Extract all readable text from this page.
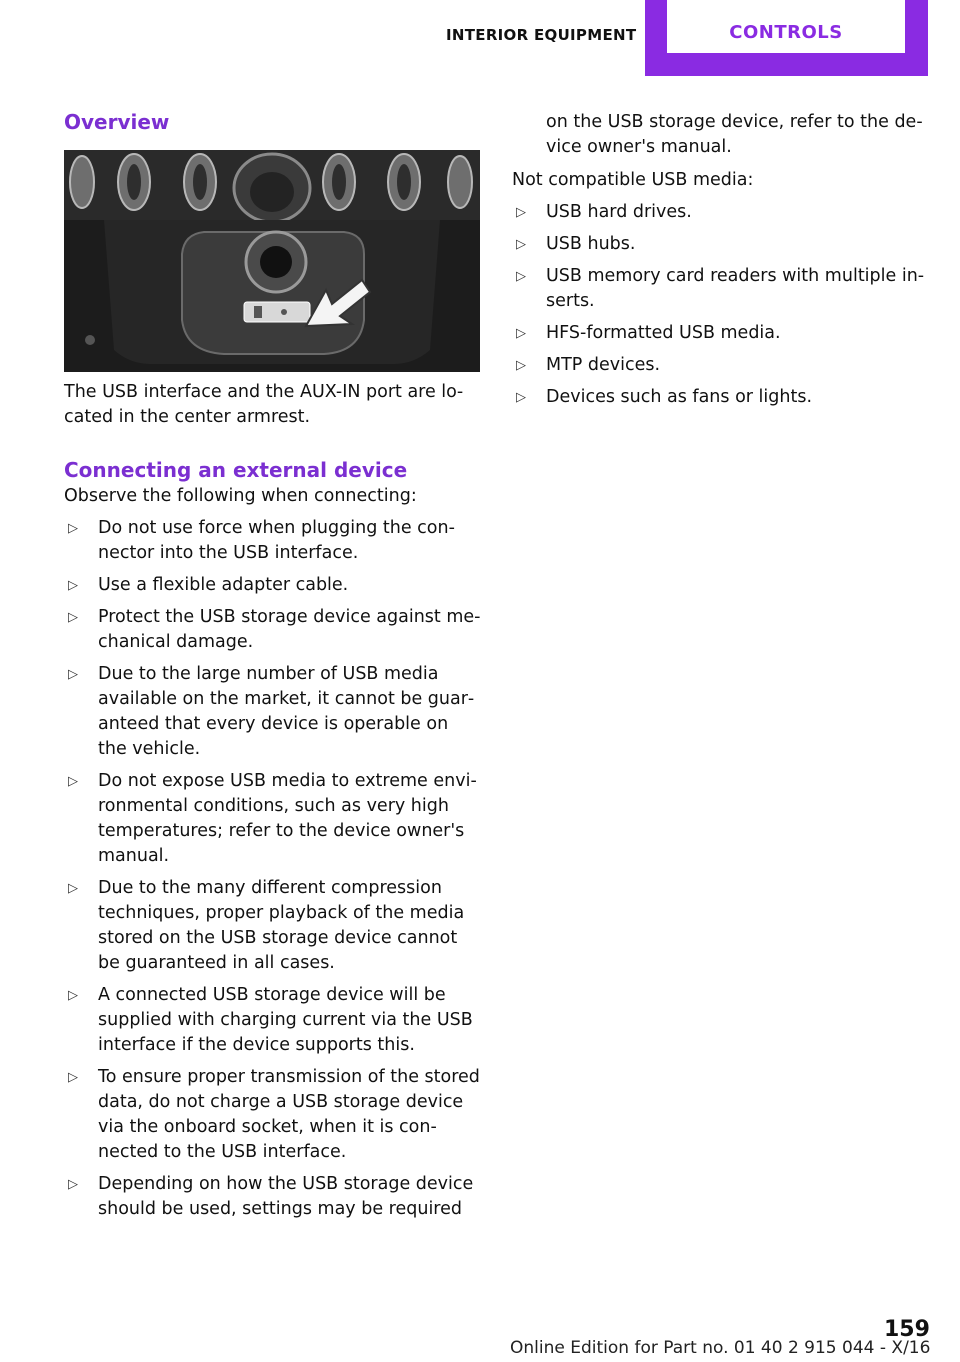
INTERIOR EQUIPMENT	CONTROLS
Overview

The USB interface and the AUX-IN port are lo‐ cated in the center armrest.

Connecting an external device

Observe the following when connecting:

▷ Do not use force when plugging the con‐ nector into the USB interface.
▷ Use a flexible adapter cable.
▷ Protect the USB storage device against me‐ chanical damage.
▷ Due to the large number of USB media available on the market, it cannot be guar‐ anteed that every device is operable on the vehicle.
▷ Do not expose USB media to extreme envi‐ ronmental conditions, such as very high temperatures; refer to the device owner's manual.
▷ Due to the many different compression techniques, proper playback of the media stored on the USB storage device cannot be guaranteed in all cases.
▷ A connected USB storage device will be supplied with charging current via the USB interface if the device supports this.
▷ To ensure proper transmission of the stored data, do not charge a USB storage device via the onboard socket, when it is con‐ nected to the USB interface.
▷ Depending on how the USB storage device should be used, settings may be required
on the USB storage device, refer to the de‐ vice owner's manual.

Not compatible USB media:

▷ USB hard drives.
▷ USB hubs.
▷ USB memory card readers with multiple in‐ serts.
▷ HFS-formatted USB media.
▷ MTP devices.
▷ Devices such as fans or lights.
159
Online Edition for Part no. 01 40 2 915 044 - X/16
